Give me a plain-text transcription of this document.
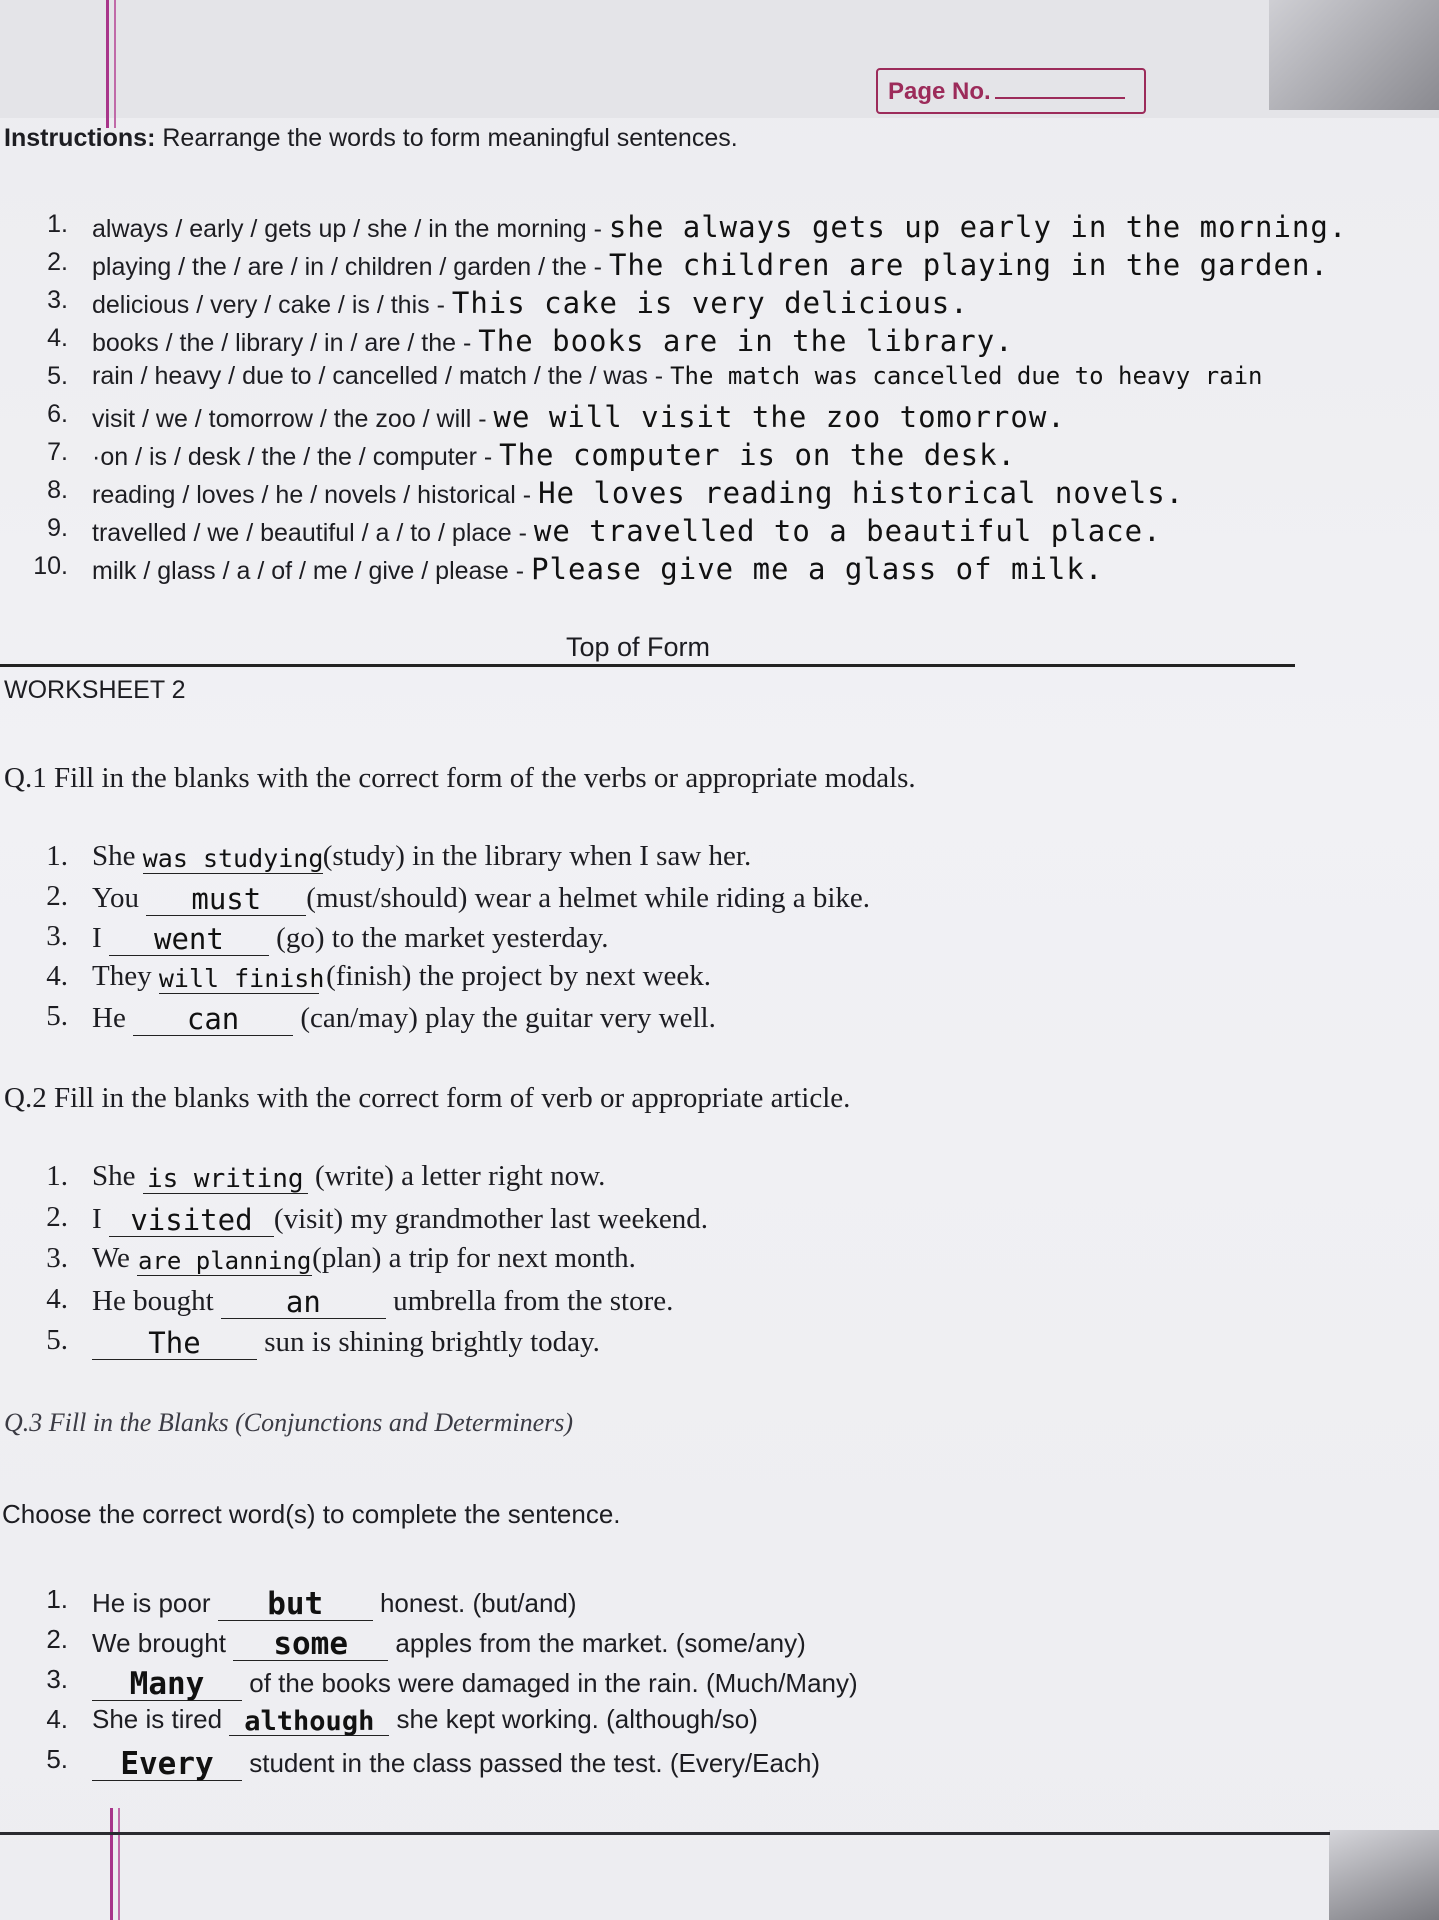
Page No.
Instructions: Rearrange the words to form meaningful sentences.
1. always / early / gets up / she / in the morning - she always gets up early in the morning.
2. playing / the / are / in / children / garden / the - The children are playing in the garden.
3. delicious / very / cake / is / this - This cake is very delicious.
4. books / the / library / in / are / the - The books are in the library.
5. rain / heavy / due to / cancelled / match / the / was - The match was cancelled due to heavy rain
6. visit / we / tomorrow / the zoo / will - we will visit the zoo tomorrow.
7. ·on / is / desk / the / the / computer - The computer is on the desk.
8. reading / loves / he / novels / historical - He loves reading historical novels.
9. travelled / we / beautiful / a / to / place - we travelled to a beautiful place.
10. milk / glass / a / of / me / give / please - Please give me a glass of milk.
Top of Form
WORKSHEET 2
Q.1 Fill in the blanks with the correct form of the verbs or appropriate modals.
1. She was studying(study) in the library when I saw her.
2. You must (must/should) wear a helmet while riding a bike.
3. I went (go) to the market yesterday.
4. They will finish (finish) the project by next week.
5. He can (can/may) play the guitar very well.
Q.2 Fill in the blanks with the correct form of verb or appropriate article.
1. She is writing (write) a letter right now.
2. I visited (visit) my grandmother last weekend.
3. We are planning(plan) a trip for next month.
4. He bought an umbrella from the store.
5.	The sun is shining brightly today.
Q.3 Fill in the Blanks (Conjunctions and Determiners)
Choose the correct word(s) to complete the sentence.
1. He is poor but honest. (but/and)
2. We brought some apples from the market. (some/any)
3.	Many of the books were damaged in the rain. (Much/Many)
4. She is tired although she kept working. (although/so)
5.	Every student in the class passed the test. (Every/Each)
